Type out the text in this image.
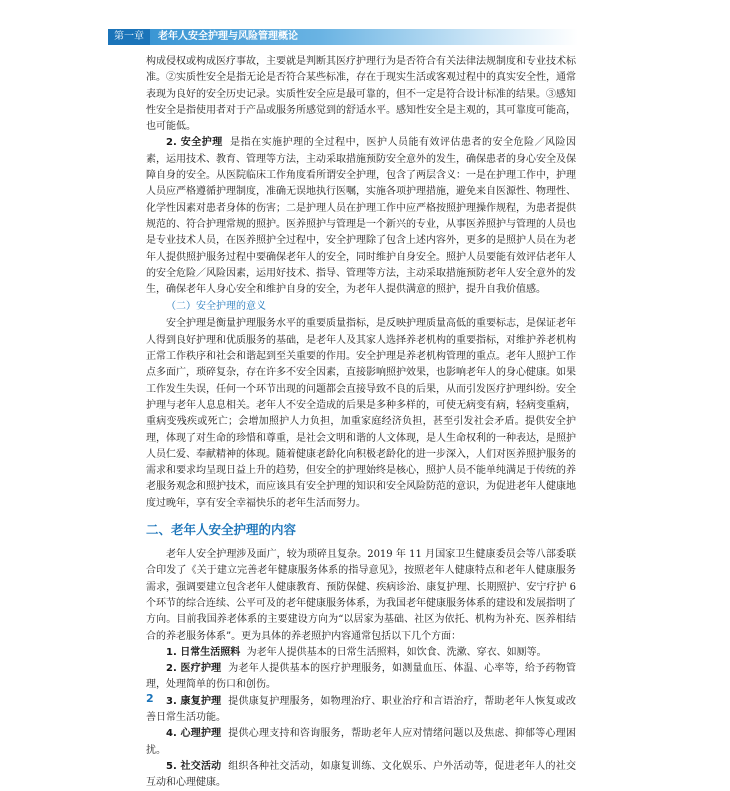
第一章	老年人安全护理与风险管理概论

构成侵权或构成医疗事故，主要就是判断其医疗护理行为是否符合有关法律法规制度和专业技术标准。②实质性安全是指无论是否符合某些标准，存在于现实生活或客观过程中的真实安全性，通常表现为良好的安全历史记录。实质性安全应是最可靠的，但不一定是符合设计标准的结果。③感知性安全是指使用者对于产品或服务所感觉到的舒适水平。感知性安全是主观的，其可靠度可能高，也可能低。

2. 安全护理 是指在实施护理的全过程中，医护人员能有效评估患者的安全危险／风险因素，运用技术、教育、管理等方法，主动采取措施预防安全意外的发生，确保患者的身心安全及保障自身的安全。从医院临床工作角度看所谓安全护理，包含了两层含义：一是在护理工作中，护理人员应严格遵循护理制度，准确无误地执行医嘱，实施各项护理措施，避免来自医源性、物理性、化学性因素对患者身体的伤害；二是护理人员在护理工作中应严格按照护理操作规程，为患者提供规范的、符合护理常规的照护。医养照护与管理是一个新兴的专业，从事医养照护与管理的人员也是专业技术人员，在医养照护全过程中，安全护理除了包含上述内容外，更多的是照护人员在为老年人提供照护服务过程中要确保老年人的安全，同时维护自身安全。照护人员要能有效评估老年人的安全危险／风险因素，运用好技术、指导、管理等方法，主动采取措施预防老年人安全意外的发生，确保老年人身心安全和维护自身的安全，为老年人提供满意的照护，提升自我价值感。

（二）安全护理的意义

安全护理是衡量护理服务水平的重要质量指标，是反映护理质量高低的重要标志，是保证老年人得到良好护理和优质服务的基础，是老年人及其家人选择养老机构的重要指标，对维护养老机构正常工作秩序和社会和谐起到至关重要的作用。安全护理是养老机构管理的重点。老年人照护工作点多面广，琐碎复杂，存在许多不安全因素，直接影响照护效果，也影响老年人的身心健康。如果工作发生失误，任何一个环节出现的问题都会直接导致不良的后果，从而引发医疗护理纠纷。安全护理与老年人息息相关。老年人不安全造成的后果是多种多样的，可使无病变有病，轻病变重病，重病变残疾或死亡；会增加照护人力负担，加重家庭经济负担，甚至引发社会矛盾。提供安全护理，体现了对生命的珍惜和尊重，是社会文明和谐的人文体现，是人生命权利的一种表达，是照护人员仁爱、奉献精神的体现。随着健康老龄化向积极老龄化的进一步深入，人们对医养照护服务的需求和要求均呈现日益上升的趋势，但安全的护理始终是核心，照护人员不能单纯满足于传统的养老服务观念和照护技术，而应该具有安全护理的知识和安全风险防范的意识，为促进老年人健康地度过晚年，享有安全幸福快乐的老年生活而努力。

二、老年人安全护理的内容

老年人安全护理涉及面广，较为琐碎且复杂。2019 年 11 月国家卫生健康委员会等八部委联合印发了《关于建立完善老年健康服务体系的指导意见》，按照老年人健康特点和老年人健康服务需求，强调要建立包含老年人健康教育、预防保健、疾病诊治、康复护理、长期照护、安宁疗护 6 个环节的综合连续、公平可及的老年健康服务体系，为我国老年健康服务体系的建设和发展指明了方向。目前我国养老体系的主要建设方向为“以居家为基础、社区为依托、机构为补充、医养相结合的养老服务体系”。更为具体的养老照护内容通常包括以下几个方面：

1. 日常生活照料 为老年人提供基本的日常生活照料，如饮食、洗漱、穿衣、如厕等。

2. 医疗护理 为老年人提供基本的医疗护理服务，如测量血压、体温、心率等，给予药物管理，处理简单的伤口和创伤。

3. 康复护理 提供康复护理服务，如物理治疗、职业治疗和言语治疗，帮助老年人恢复或改善日常生活功能。

4. 心理护理 提供心理支持和咨询服务，帮助老年人应对情绪问题以及焦虑、抑郁等心理困扰。

5. 社交活动 组织各种社交活动，如康复训练、文化娱乐、户外活动等，促进老年人的社交互动和心理健康。

2
